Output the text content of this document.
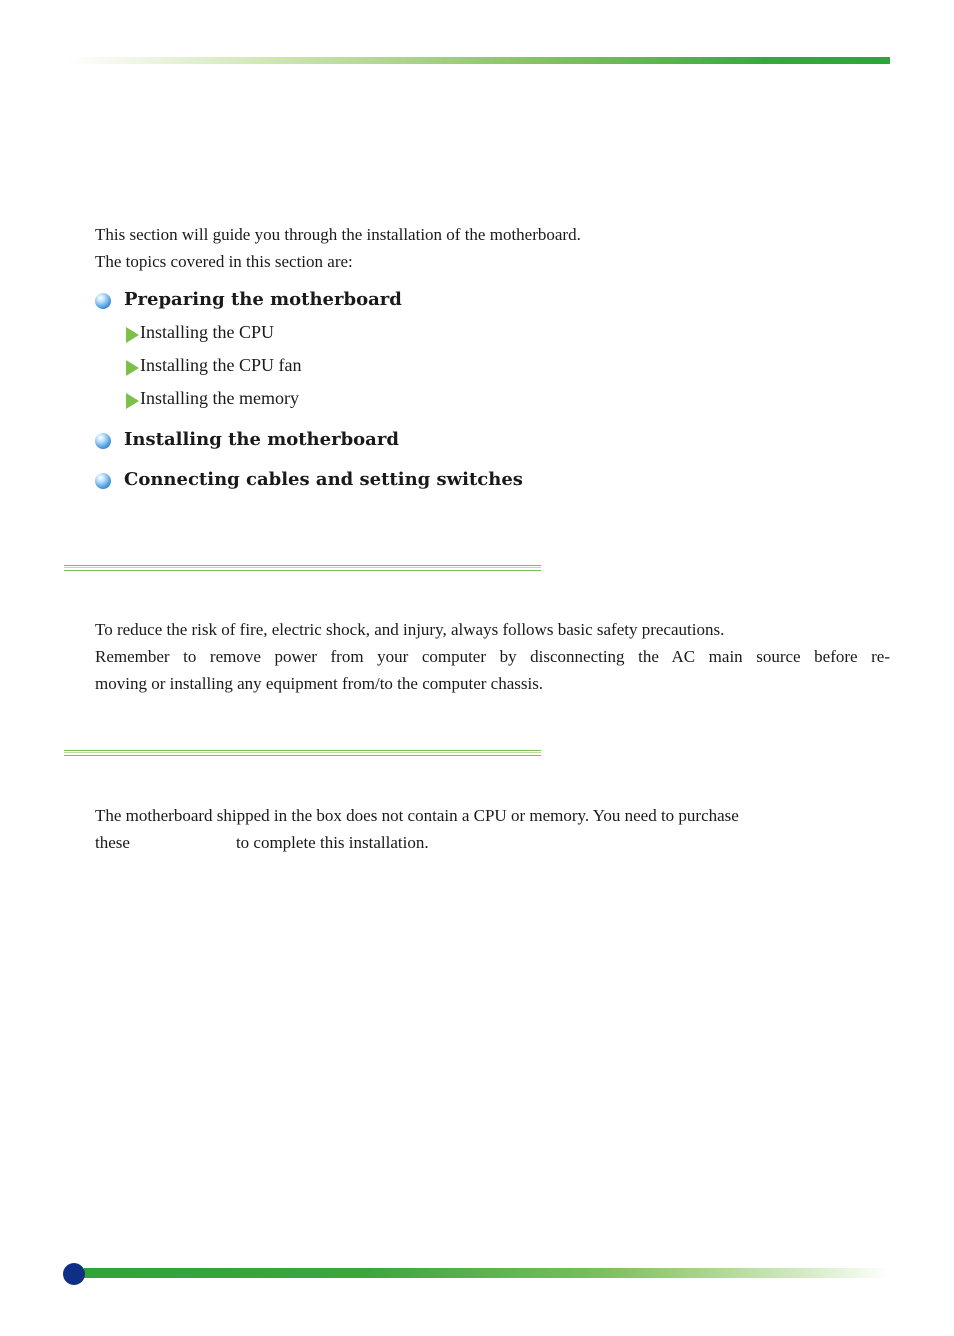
This section will guide you through the installation of the motherboard.
The topics covered in this section are:
Preparing the motherboard
Installing the CPU
Installing the CPU fan
Installing the memory
Installing the motherboard
Connecting cables and setting switches
To reduce the risk of fire, electric shock, and injury, always follows basic safety precautions.
Remember to remove power from your computer by disconnecting the AC main source before re-
moving or installing any equipment from/to the computer chassis.
The motherboard shipped in the box does not contain a CPU or memory. You need to purchase
these	to complete this installation.
